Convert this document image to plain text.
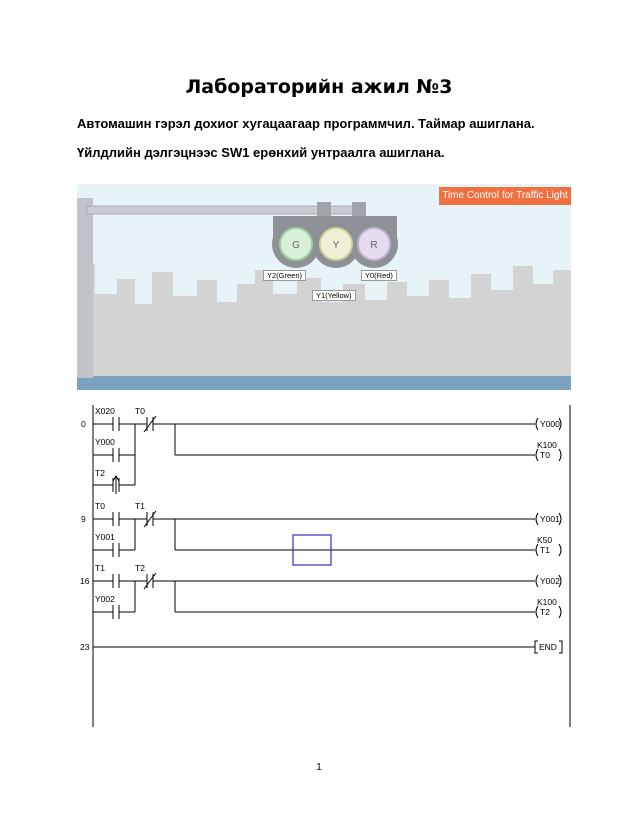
Лабораторийн ажил №3
Автомашин гэрэл дохиог хугацаагаар программчил. Таймар ашиглана.
Үйлдлийн дэлгэцнээс SW1 ерөнхий унтраалга ашиглана.
G	Y	R
Time Control for Traffic Light
Y2(Green)	Y0(Red)
Y1(Yellow)
0
9
16
23
X020 T0
Y000
T2
T0	T1
Y001
T1	T2
Y002
Y000
K100
T0
Y001
K50
T1
Y002
K100
T2
END
1
